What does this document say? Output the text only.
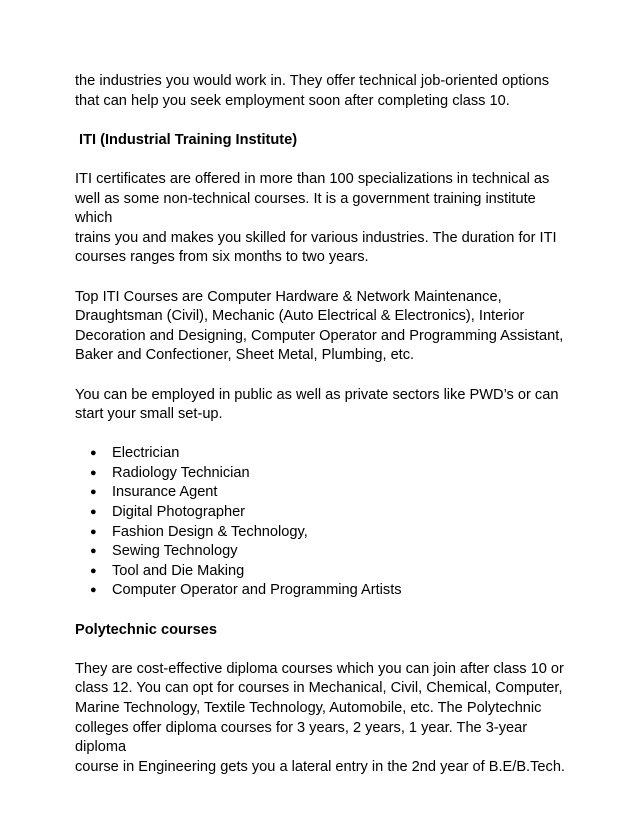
the industries you would work in. They offer technical job-oriented options
that can help you seek employment soon after completing class 10.

ITI (Industrial Training Institute)

ITI certificates are offered in more than 100 specializations in technical as
well as some non-technical courses. It is a government training institute which
trains you and makes you skilled for various industries. The duration for ITI
courses ranges from six months to two years.

Top ITI Courses are Computer Hardware & Network Maintenance,
Draughtsman (Civil), Mechanic (Auto Electrical & Electronics), Interior
Decoration and Designing, Computer Operator and Programming Assistant,
Baker and Confectioner, Sheet Metal, Plumbing, etc.

You can be employed in public as well as private sectors like PWD’s or can
start your small set-up.

● Electrician
● Radiology Technician
● Insurance Agent
● Digital Photographer
● Fashion Design & Technology,
● Sewing Technology
● Tool and Die Making
● Computer Operator and Programming Artists

Polytechnic courses

They are cost-effective diploma courses which you can join after class 10 or
class 12. You can opt for courses in Mechanical, Civil, Chemical, Computer,
Marine Technology, Textile Technology, Automobile, etc. The Polytechnic
colleges offer diploma courses for 3 years, 2 years, 1 year. The 3-year diploma
course in Engineering gets you a lateral entry in the 2nd year of B.E/B.Tech.
